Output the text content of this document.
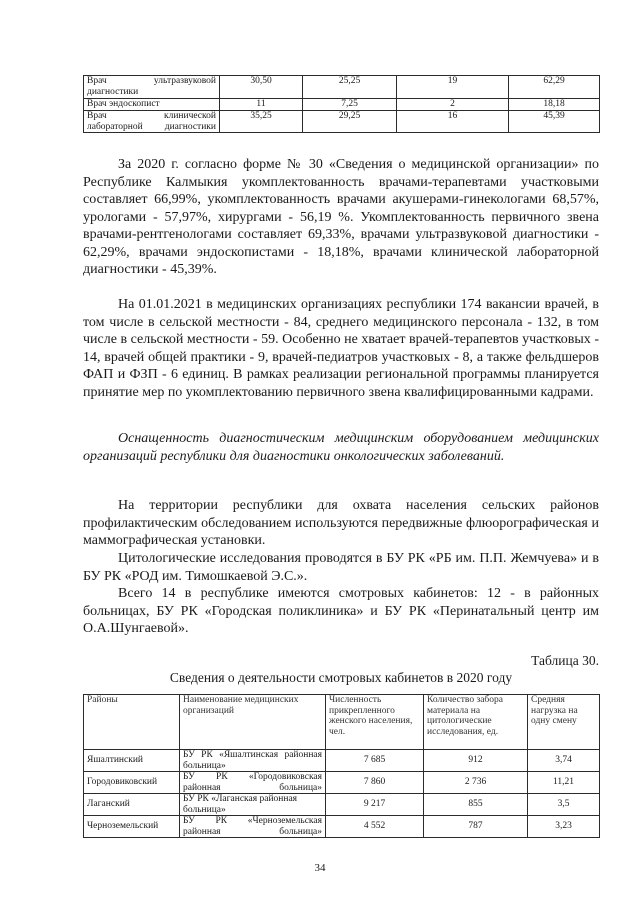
Врач ультразвуковой диагностики	30,50	25,25	19	62,29
Врач эндоскопист	11	7,25	2	18,18
Врач клинической лабораторной диагностики	35,25	29,25	16	45,39

За 2020 г. согласно форме № 30 «Сведения о медицинской организации» по Республике Калмыкия укомплектованность врачами-терапевтами участковыми составляет 66,99%, укомплектованность врачами акушерами-гинекологами 68,57%, урологами - 57,97%, хирургами - 56,19 %. Укомплектованность первичного звена врачами-рентгенологами составляет 69,33%, врачами ультразвуковой диагностики - 62,29%, врачами эндоскопистами - 18,18%, врачами клинической лабораторной диагностики - 45,39%.

На 01.01.2021 в медицинских организациях республики 174 вакансии врачей, в том числе в сельской местности - 84, среднего медицинского персонала - 132, в том числе в сельской местности - 59. Особенно не хватает врачей-терапевтов участковых - 14, врачей общей практики - 9, врачей-педиатров участковых - 8, а также фельдшеров ФАП и ФЗП - 6 единиц. В рамках реализации региональной программы планируется принятие мер по укомплектованию первичного звена квалифицированными кадрами.

Оснащенность диагностическим медицинским оборудованием медицинских организаций республики для диагностики онкологических заболеваний.

На территории республики для охвата населения сельских районов профилактическим обследованием используются передвижные флюорографическая и маммографическая установки.

Цитологические исследования проводятся в БУ РК «РБ им. П.П. Жемчуева» и в БУ РК «РОД им. Тимошкаевой Э.С.».

Всего 14 в республике имеются смотровых кабинетов: 12 - в районных больницах, БУ РК «Городская поликлиника» и БУ РК «Перинатальный центр им О.А.Шунгаевой».

Таблица 30.
Сведения о деятельности смотровых кабинетов в 2020 году
Районы	Наименование медицинских организаций	Численность прикрепленного женского населения, чел.	Количество забора материала на цитологические исследования, ед.	Средняя нагрузка на одну смену
Яшалтинский	БУ РК «Яшалтинская районная больница»	7 685	912	3,74
Городовиковский	БУ РК «Городовиковская районная больница»	7 860	2 736	11,21
Лаганский	БУ РК «Лаганская районная больница»	9 217	855	3,5
Черноземельский	БУ РК «Черноземельская районная больница»	4 552	787	3,23
34
